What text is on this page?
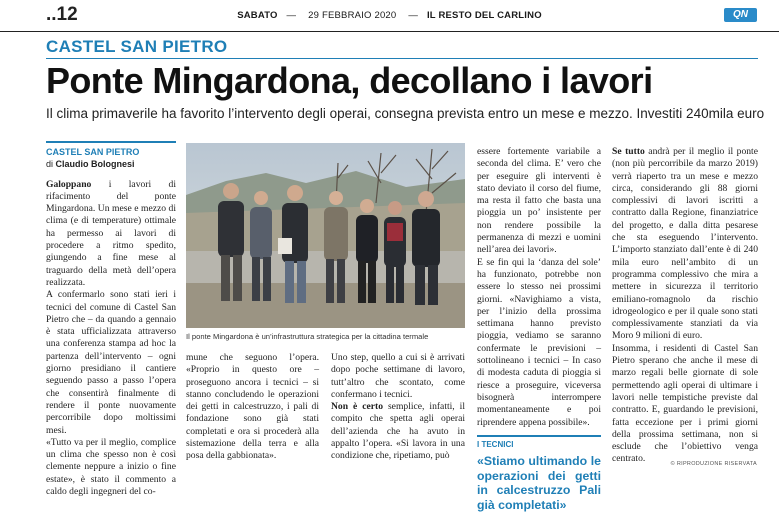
..12	SABATO — 29 FEBBRAIO 2020 — IL RESTO DEL CARLINO	QN
CASTEL SAN PIETRO
Ponte Mingardona, decollano i lavori
Il clima primaverile ha favorito l’intervento degli operai, consegna prevista entro un mese e mezzo. Investiti 240mila euro
CASTEL SAN PIETRO
di Claudio Bolognesi

Galoppano i lavori di rifacimento del ponte Mingardona. Un mese e mezzo di clima (e di temperature) ottimale ha permesso ai lavori di procedere a ritmo spedito, giungendo a fine mese al traguardo della metà dell’opera realizzata.

A confermarlo sono stati ieri i tecnici del comune di Castel San Pietro che – da quando a gennaio è stata ufficializzata attraverso una conferenza stampa ad hoc la partenza dell’intervento – ogni giorno presidiano il cantiere seguendo passo a passo l’opera che consentirà finalmente di rendere il ponte nuovamente percorribile dopo moltissimi mesi.

«Tutto va per il meglio, complice un clima che spesso non è così clemente neppure a inizio o fine estate», è stato il commento a caldo degli ingegneri del co-

Il ponte Mingardona è un’infrastruttura strategica per la cittadina termale

mune che seguono l’opera. «Proprio in questo ore – proseguono ancora i tecnici – si stanno concludendo le operazioni dei getti in calcestruzzo, i pali di fondazione sono già stati completati e ora si procederà alla sistemazione della terra e alla posa della gabbionata».

Uno step, quello a cui si è arrivati dopo poche settimane di lavoro, tutt’altro che scontato, come confermano i tecnici.

Non è certo semplice, infatti, il compito che spetta agli operai dell’azienda che ha avuto in appalto l’opera. «Si lavora in una condizione che, ripetiamo, può

essere fortemente variabile a seconda del clima. E’ vero che per eseguire gli interventi è stato deviato il corso del fiume, ma resta il fatto che basta una pioggia un po’ insistente per non rendere possibile la permanenza di mezzi e uomini nell’area dei lavori».

E se fin qui la ‘danza del sole’ ha funzionato, potrebbe non essere lo stesso nei prossimi giorni. «Navighiamo a vista, per l’inizio della prossima settimana hanno previsto pioggia, vediamo se saranno confermate le previsioni – sottolineano i tecnici – In caso di modesta caduta di pioggia si riesce a proseguire, viceversa bisognerà interrompere momentaneamente e poi riprendere appena possibile».

I TECNICI
«Stiamo ultimando le operazioni dei getti in calcestruzzo Pali già completati»

Se tutto andrà per il meglio il ponte (non più percorribile da marzo 2019) verrà riaperto tra un mese e mezzo circa, considerando gli 88 giorni complessivi di lavori iscritti a contratto dalla Regione, finanziatrice del progetto, e dalla ditta pesarese che sta eseguendo l’intervento. L’importo stanziato dall’ente è di 240 mila euro nell’ambito di un programma complessivo che mira a mettere in sicurezza il territorio emiliano-romagnolo da rischio idrogeologico e per il quale sono stati complessivamente stanziati da via Moro 9 milioni di euro.

Insomma, i residenti di Castel San Pietro sperano che anche il mese di marzo regali belle giornate di sole permettendo agli operai di ultimare i lavori nelle tempistiche previste dal contratto. E, guardando le previsioni, fatta eccezione per i primi giorni della prossima settimana, non si esclude che l’obiettivo venga centrato.	© RIPRODUZIONE RISERVATA
